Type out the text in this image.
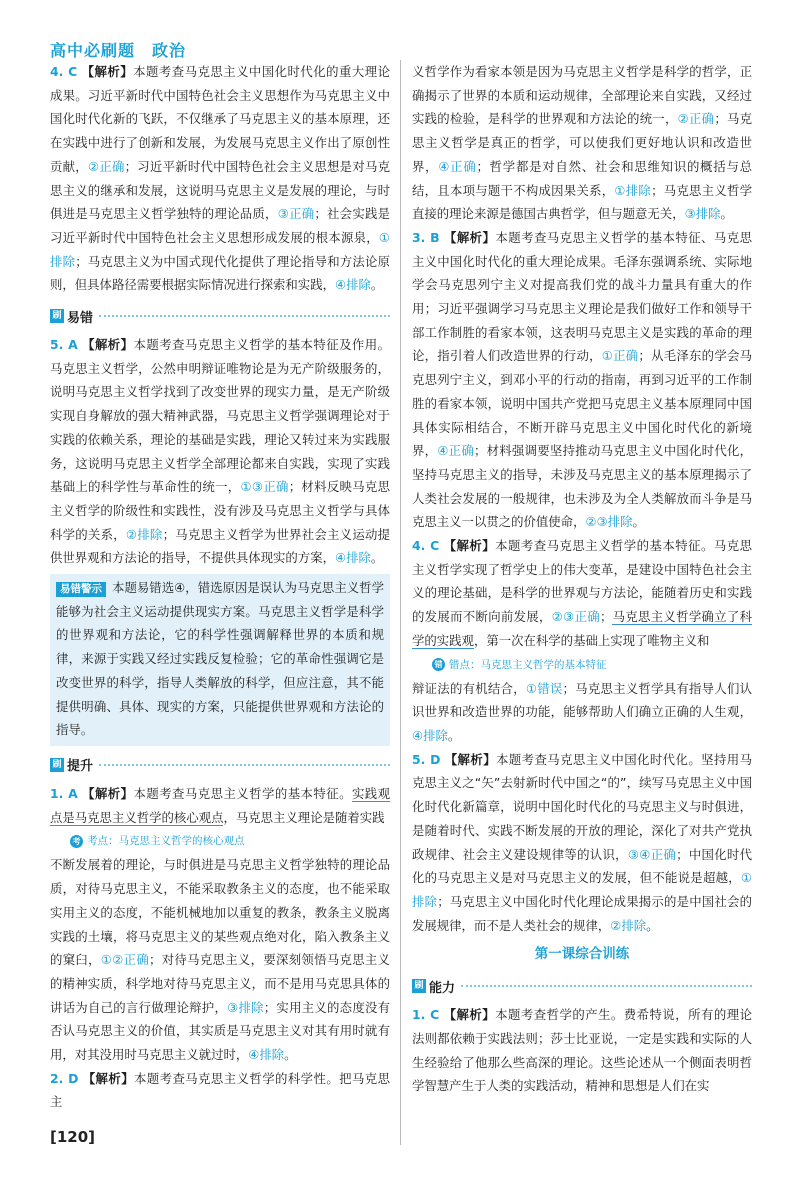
高中必刷题　政治

4. C 【解析】本题考查马克思主义中国化时代化的重大理论成果。习近平新时代中国特色社会主义思想作为马克思主义中国化时代化新的飞跃，不仅继承了马克思主义的基本原理，还在实践中进行了创新和发展，为发展马克思主义作出了原创性贡献，②正确；习近平新时代中国特色社会主义思想是对马克思主义的继承和发展，这说明马克思主义是发展的理论，与时俱进是马克思主义哲学独特的理论品质，③正确；社会实践是习近平新时代中国特色社会主义思想形成发展的根本源泉，①排除；马克思主义为中国式现代化提供了理论指导和方法论原则，但具体路径需要根据实际情况进行探索和实践，④排除。

刷 易错

5. A 【解析】本题考查马克思主义哲学的基本特征及作用。马克思主义哲学，公然申明辩证唯物论是为无产阶级服务的，说明马克思主义哲学找到了改变世界的现实力量，是无产阶级实现自身解放的强大精神武器，马克思主义哲学强调理论对于实践的依赖关系，理论的基础是实践，理论又转过来为实践服务，这说明马克思主义哲学全部理论都来自实践，实现了实践基础上的科学性与革命性的统一，①③正确；材料反映马克思主义哲学的阶级性和实践性，没有涉及马克思主义哲学与具体科学的关系，②排除；马克思主义哲学为世界社会主义运动提供世界观和方法论的指导，不提供具体现实的方案，④排除。

易错警示 本题易错选④，错选原因是误认为马克思主义哲学能够为社会主义运动提供现实方案。马克思主义哲学是科学的世界观和方法论，它的科学性强调解释世界的本质和规律，来源于实践又经过实践反复检验；它的革命性强调它是改变世界的科学，指导人类解放的科学，但应注意，其不能提供明确、具体、现实的方案，只能提供世界观和方法论的指导。

刷 提升

1. A 【解析】本题考查马克思主义哲学的基本特征。实践观点是马克思主义哲学的核心观点，马克思主义理论是随着实践

考 考点：马克思主义哲学的核心观点

不断发展着的理论，与时俱进是马克思主义哲学独特的理论品质，对待马克思主义，不能采取教条主义的态度，也不能采取实用主义的态度，不能机械地加以重复的教条，教条主义脱离实践的土壤，将马克思主义的某些观点绝对化，陷入教条主义的窠臼，①②正确；对待马克思主义，要深刻领悟马克思主义的精神实质，科学地对待马克思主义，而不是用马克思具体的讲话为自己的言行做理论辩护，③排除；实用主义的态度没有否认马克思主义的价值，其实质是马克思主义对其有用时就有用，对其没用时马克思主义就过时，④排除。

2. D 【解析】本题考查马克思主义哲学的科学性。把马克思主

义哲学作为看家本领是因为马克思主义哲学是科学的哲学，正确揭示了世界的本质和运动规律，全部理论来自实践，又经过实践的检验，是科学的世界观和方法论的统一，②正确；马克思主义哲学是真正的哲学，可以使我们更好地认识和改造世界，④正确；哲学都是对自然、社会和思维知识的概括与总结，且本项与题干不构成因果关系，①排除；马克思主义哲学直接的理论来源是德国古典哲学，但与题意无关，③排除。

3. B 【解析】本题考查马克思主义哲学的基本特征、马克思主义中国化时代化的重大理论成果。毛泽东强调系统、实际地学会马克思列宁主义对提高我们党的战斗力量具有重大的作用；习近平强调学习马克思主义理论是我们做好工作和领导干部工作制胜的看家本领，这表明马克思主义是实践的革命的理论，指引着人们改造世界的行动，①正确；从毛泽东的学会马克思列宁主义，到邓小平的行动的指南，再到习近平的工作制胜的看家本领，说明中国共产党把马克思主义基本原理同中国具体实际相结合，不断开辟马克思主义中国化时代化的新境界，④正确；材料强调要坚持推动马克思主义中国化时代化，坚持马克思主义的指导，未涉及马克思主义的基本原理揭示了人类社会发展的一般规律，也未涉及为全人类解放而斗争是马克思主义一以贯之的价值使命，②③排除。

4. C 【解析】本题考查马克思主义哲学的基本特征。马克思主义哲学实现了哲学史上的伟大变革，是建设中国特色社会主义的理论基础，是科学的世界观与方法论，能随着历史和实践的发展而不断向前发展，②③正确；马克思主义哲学确立了科学的实践观，第一次在科学的基础上实现了唯物主义和

错 错点：马克思主义哲学的基本特征

辩证法的有机结合，①错误；马克思主义哲学具有指导人们认识世界和改造世界的功能，能够帮助人们确立正确的人生观，④排除。

5. D 【解析】本题考查马克思主义中国化时代化。坚持用马克思主义之“矢”去射新时代中国之“的”，续写马克思主义中国化时代化新篇章，说明中国化时代化的马克思主义与时俱进，是随着时代、实践不断发展的开放的理论，深化了对共产党执政规律、社会主义建设规律等的认识，③④正确；中国化时代化的马克思主义是对马克思主义的发展，但不能说是超越，①排除；马克思主义中国化时代化理论成果揭示的是中国社会的发展规律，而不是人类社会的规律，②排除。

第一课综合训练
刷 能力

1. C 【解析】本题考查哲学的产生。费希特说，所有的理论法则都依赖于实践法则；莎士比亚说，一定是实践和实际的人生经验给了他那么些高深的理论。这些论述从一个侧面表明哲学智慧产生于人类的实践活动，精神和思想是人们在实

[120]
